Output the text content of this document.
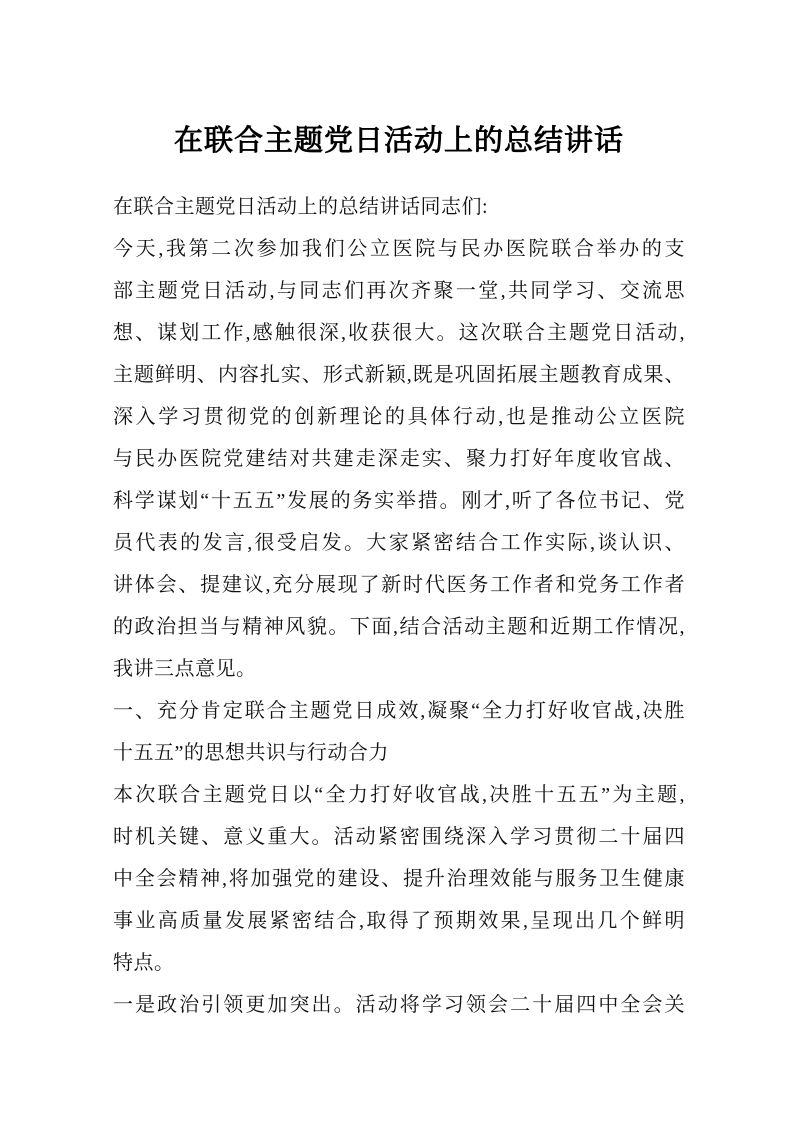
在联合主题党日活动上的总结讲话
在联合主题党日活动上的总结讲话同志们:
今天,我第二次参加我们公立医院与民办医院联合举办的支
部主题党日活动,与同志们再次齐聚一堂,共同学习、交流思
想、谋划工作,感触很深,收获很大。这次联合主题党日活动,
主题鲜明、内容扎实、形式新颖,既是巩固拓展主题教育成果、
深入学习贯彻党的创新理论的具体行动,也是推动公立医院
与民办医院党建结对共建走深走实、聚力打好年度收官战、
科学谋划“十五五”发展的务实举措。刚才,听了各位书记、党
员代表的发言,很受启发。大家紧密结合工作实际,谈认识、
讲体会、提建议,充分展现了新时代医务工作者和党务工作者
的政治担当与精神风貌。下面,结合活动主题和近期工作情况,
我讲三点意见。
一、充分肯定联合主题党日成效,凝聚“全力打好收官战,决胜
十五五”的思想共识与行动合力
本次联合主题党日以“全力打好收官战,决胜十五五”为主题,
时机关键、意义重大。活动紧密围绕深入学习贯彻二十届四
中全会精神,将加强党的建设、提升治理效能与服务卫生健康
事业高质量发展紧密结合,取得了预期效果,呈现出几个鲜明
特点。
一是政治引领更加突出。活动将学习领会二十届四中全会关
